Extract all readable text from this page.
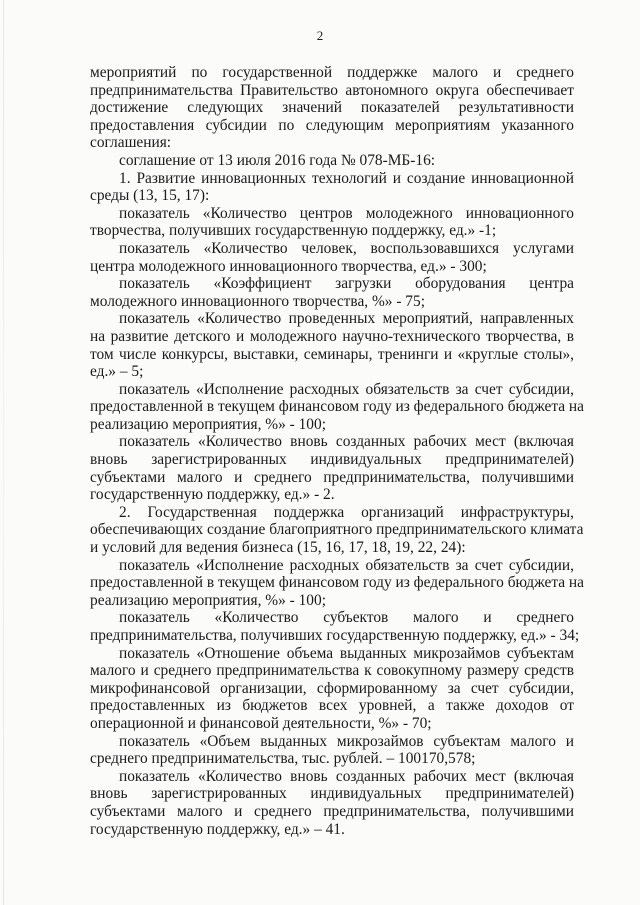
2

мероприятий по государственной поддержке малого и среднего
предпринимательства Правительство автономного округа обеспечивает
достижение следующих значений показателей результативности
предоставления субсидии по следующим мероприятиям указанного
соглашения:

соглашение от 13 июля 2016 года № 078-МБ-16:

1. Развитие инновационных технологий и создание инновационной
среды (13, 15, 17):

показатель «Количество центров молодежного инновационного
творчества, получивших государственную поддержку, ед.» -1;

показатель «Количество человек, воспользовавшихся услугами
центра молодежного инновационного творчества, ед.» - 300;

показатель «Коэффициент загрузки оборудования центра
молодежного инновационного творчества, %» - 75;

показатель «Количество проведенных мероприятий, направленных
на развитие детского и молодежного научно-технического творчества, в
том числе конкурсы, выставки, семинары, тренинги и «круглые столы»,
ед.» – 5;

показатель «Исполнение расходных обязательств за счет субсидии,
предоставленной в текущем финансовом году из федерального бюджета на
реализацию мероприятия, %» - 100;

показатель «Количество вновь созданных рабочих мест (включая
вновь зарегистрированных индивидуальных предпринимателей)
субъектами малого и среднего предпринимательства, получившими
государственную поддержку, ед.» - 2.

2. Государственная поддержка организаций инфраструктуры,
обеспечивающих создание благоприятного предпринимательского климата
и условий для ведения бизнеса (15, 16, 17, 18, 19, 22, 24):

показатель «Исполнение расходных обязательств за счет субсидии,
предоставленной в текущем финансовом году из федерального бюджета на
реализацию мероприятия, %» - 100;

показатель «Количество субъектов малого и среднего
предпринимательства, получивших государственную поддержку, ед.» - 34;

показатель «Отношение объема выданных микрозаймов субъектам
малого и среднего предпринимательства к совокупному размеру средств
микрофинансовой организации, сформированному за счет субсидии,
предоставленных из бюджетов всех уровней, а также доходов от
операционной и финансовой деятельности, %» - 70;

показатель «Объем выданных микрозаймов субъектам малого и
среднего предпринимательства, тыс. рублей. – 100170,578;

показатель «Количество вновь созданных рабочих мест (включая
вновь зарегистрированных индивидуальных предпринимателей)
субъектами малого и среднего предпринимательства, получившими
государственную поддержку, ед.» – 41.
